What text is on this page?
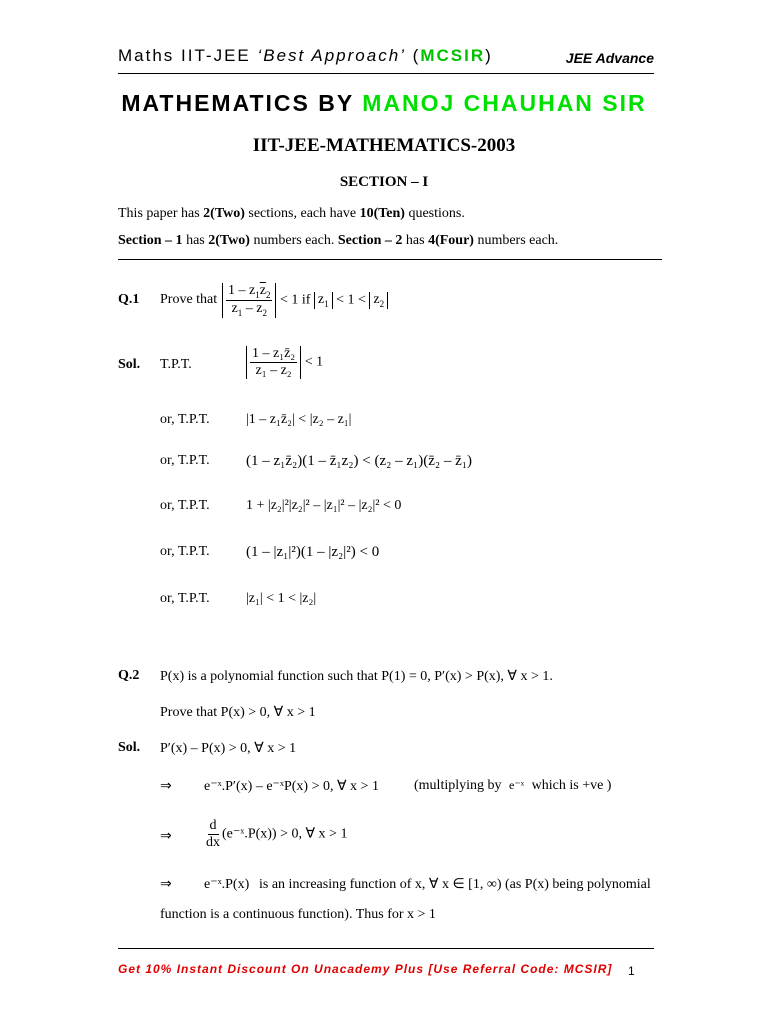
Maths IIT-JEE ‘Best Approach’ (MCSIR)	JEE Advance
MATHEMATICS BY MANOJ CHAUHAN SIR
IIT-JEE-MATHEMATICS-2003
SECTION – I
This paper has 2(Two) sections, each have 10(Ten) questions.
Section – 1 has 2(Two) numbers each. Section – 2 has 4(Four) numbers each.
Q.1 Prove that $\frac{1 - z_1\overline{z}_2}{z_1 - z_2} < 1$ if $z_1 < 1 < z_2$
Sol. T.P.T.	$\frac{\text{1 – z₁z̄₂}}{\text{z₁ – z₂}} < 1$
or, T.P.T.	|1 – z₁z̄₂| < |z₂ – z₁|
or, T.P.T. (1 – z₁z̄₂)(1 – z̄₁z₂) < (z₂ – z₁)(z̄₂ – z̄₁)
or, T.P.T.	1 + |z₂|²|z₂|² – |z₁|² – |z₂|² < 0
or, T.P.T. (1 – |z₁|²)(1 – |z₂|²) < 0
or, T.P.T.	|z₁| < 1 < |z₂|
Q.2 P(x) is a polynomial function such that P(1) = 0, P′(x) > P(x), ∀ x > 1.
Prove that P(x) > 0, ∀ x > 1
Sol. P′(x) – P(x) > 0, ∀ x > 1
⇒ e⁻ˣ.P′(x) – e⁻ˣP(x) > 0, ∀ x > 1	(multiplying by e⁻ˣ which is +ve )
⇒ $\frac{d}{dx}$ (e⁻ˣ.P(x)) > 0, ∀ x > 1
⇒ e⁻ˣ.P(x) is an increasing function of x, ∀ x ∈ [1, ∞) (as P(x) being polynomial
function is a continuous function). Thus for x > 1
Get 10% Instant Discount On Unacademy Plus [Use Referral Code: MCSIR] 1
